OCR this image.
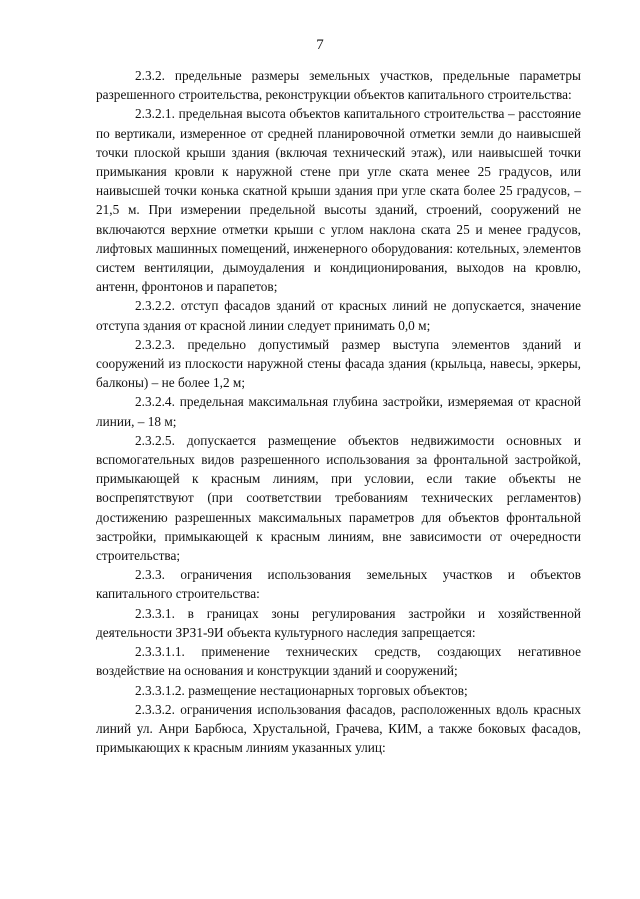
7

2.3.2. предельные размеры земельных участков, предельные параметры разрешенного строительства, реконструкции объектов капитального строительства:

2.3.2.1. предельная высота объектов капитального строительства – расстояние по вертикали, измеренное от средней планировочной отметки земли до наивысшей точки плоской крыши здания (включая технический этаж), или наивысшей точки примыкания кровли к наружной стене при угле ската менее 25 градусов, или наивысшей точки конька скатной крыши здания при угле ската более 25 градусов, – 21,5 м. При измерении предельной высоты зданий, строений, сооружений не включаются верхние отметки крыши с углом наклона ската 25 и менее градусов, лифтовых машинных помещений, инженерного оборудования: котельных, элементов систем вентиляции, дымоудаления и кондиционирования, выходов на кровлю, антенн, фронтонов и парапетов;

2.3.2.2. отступ фасадов зданий от красных линий не допускается, значение отступа здания от красной линии следует принимать 0,0 м;

2.3.2.3. предельно допустимый размер выступа элементов зданий и сооружений из плоскости наружной стены фасада здания (крыльца, навесы, эркеры, балконы) – не более 1,2 м;

2.3.2.4. предельная максимальная глубина застройки, измеряемая от красной линии, – 18 м;

2.3.2.5. допускается размещение объектов недвижимости основных и вспомогательных видов разрешенного использования за фронтальной застройкой, примыкающей к красным линиям, при условии, если такие объекты не воспрепятствуют (при соответствии требованиям технических регламентов) достижению разрешенных максимальных параметров для объектов фронтальной застройки, примыкающей к красным линиям, вне зависимости от очередности строительства;

2.3.3. ограничения использования земельных участков и объектов капитального строительства:

2.3.3.1. в границах зоны регулирования застройки и хозяйственной деятельности ЗРЗ1-9И объекта культурного наследия запрещается:

2.3.3.1.1. применение технических средств, создающих негативное воздействие на основания и конструкции зданий и сооружений;

2.3.3.1.2. размещение нестационарных торговых объектов;

2.3.3.2. ограничения использования фасадов, расположенных вдоль красных линий ул. Анри Барбюса, Хрустальной, Грачева, КИМ, а также боковых фасадов, примыкающих к красным линиям указанных улиц:
